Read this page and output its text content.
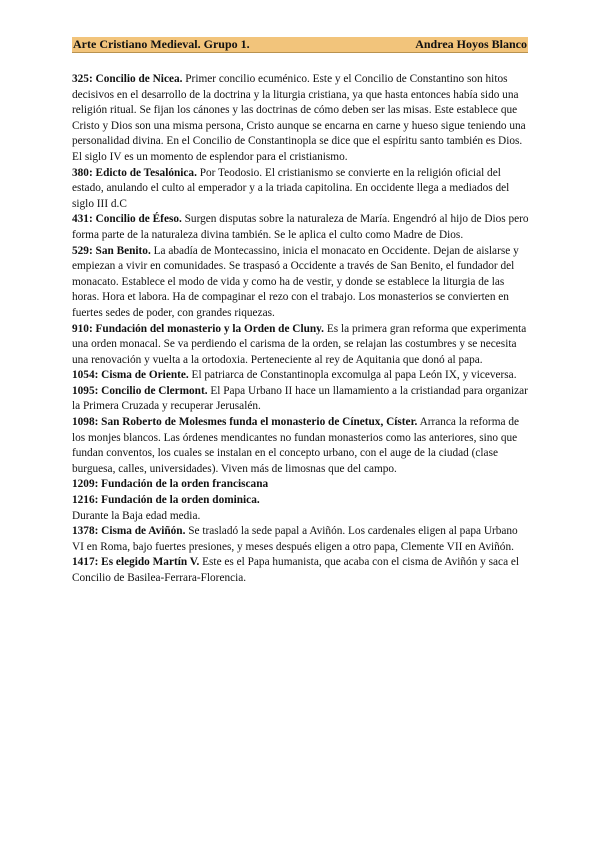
Arte Cristiano Medieval. Grupo 1.	Andrea Hoyos Blanco

325: Concilio de Nicea. Primer concilio ecuménico. Este y el Concilio de Constantino son hitos decisivos en el desarrollo de la doctrina y la liturgia cristiana, ya que hasta entonces había sido una religión ritual. Se fijan los cánones y las doctrinas de cómo deben ser las misas. Este establece que Cristo y Dios son una misma persona, Cristo aunque se encarna en carne y hueso sigue teniendo una personalidad divina. En el Concilio de Constantinopla se dice que el espíritu santo también es Dios.

El siglo IV es un momento de esplendor para el cristianismo.

380: Edicto de Tesalónica. Por Teodosio. El cristianismo se convierte en la religión oficial del estado, anulando el culto al emperador y a la triada capitolina. En occidente llega a mediados del siglo III d.C

431: Concilio de Éfeso. Surgen disputas sobre la naturaleza de María. Engendró al hijo de Dios pero forma parte de la naturaleza divina también. Se le aplica el culto como Madre de Dios.

529: San Benito. La abadía de Montecassino, inicia el monacato en Occidente. Dejan de aislarse y empiezan a vivir en comunidades. Se traspasó a Occidente a través de San Benito, el fundador del monacato. Establece el modo de vida y como ha de vestir, y donde se establece la liturgia de las horas. Hora et labora. Ha de compaginar el rezo con el trabajo. Los monasterios se convierten en fuertes sedes de poder, con grandes riquezas.

910: Fundación del monasterio y la Orden de Cluny. Es la primera gran reforma que experimenta una orden monacal. Se va perdiendo el carisma de la orden, se relajan las costumbres y se necesita una renovación y vuelta a la ortodoxia. Perteneciente al rey de Aquitania que donó al papa.

1054: Cisma de Oriente. El patriarca de Constantinopla excomulga al papa León IX, y viceversa.

1095: Concilio de Clermont. El Papa Urbano II hace un llamamiento a la cristiandad para organizar la Primera Cruzada y recuperar Jerusalén.

1098: San Roberto de Molesmes funda el monasterio de Cínetux, Císter. Arranca la reforma de los monjes blancos. Las órdenes mendicantes no fundan monasterios como las anteriores, sino que fundan conventos, los cuales se instalan en el concepto urbano, con el auge de la ciudad (clase burguesa, calles, universidades). Viven más de limosnas que del campo.

1209: Fundación de la orden franciscana

1216: Fundación de la orden dominica.

Durante la Baja edad media.

1378: Cisma de Aviñón. Se trasladó la sede papal a Aviñón. Los cardenales eligen al papa Urbano VI en Roma, bajo fuertes presiones, y meses después eligen a otro papa, Clemente VII en Aviñón.

1417: Es elegido Martín V. Este es el Papa humanista, que acaba con el cisma de Aviñón y saca el Concilio de Basilea-Ferrara-Florencia.
